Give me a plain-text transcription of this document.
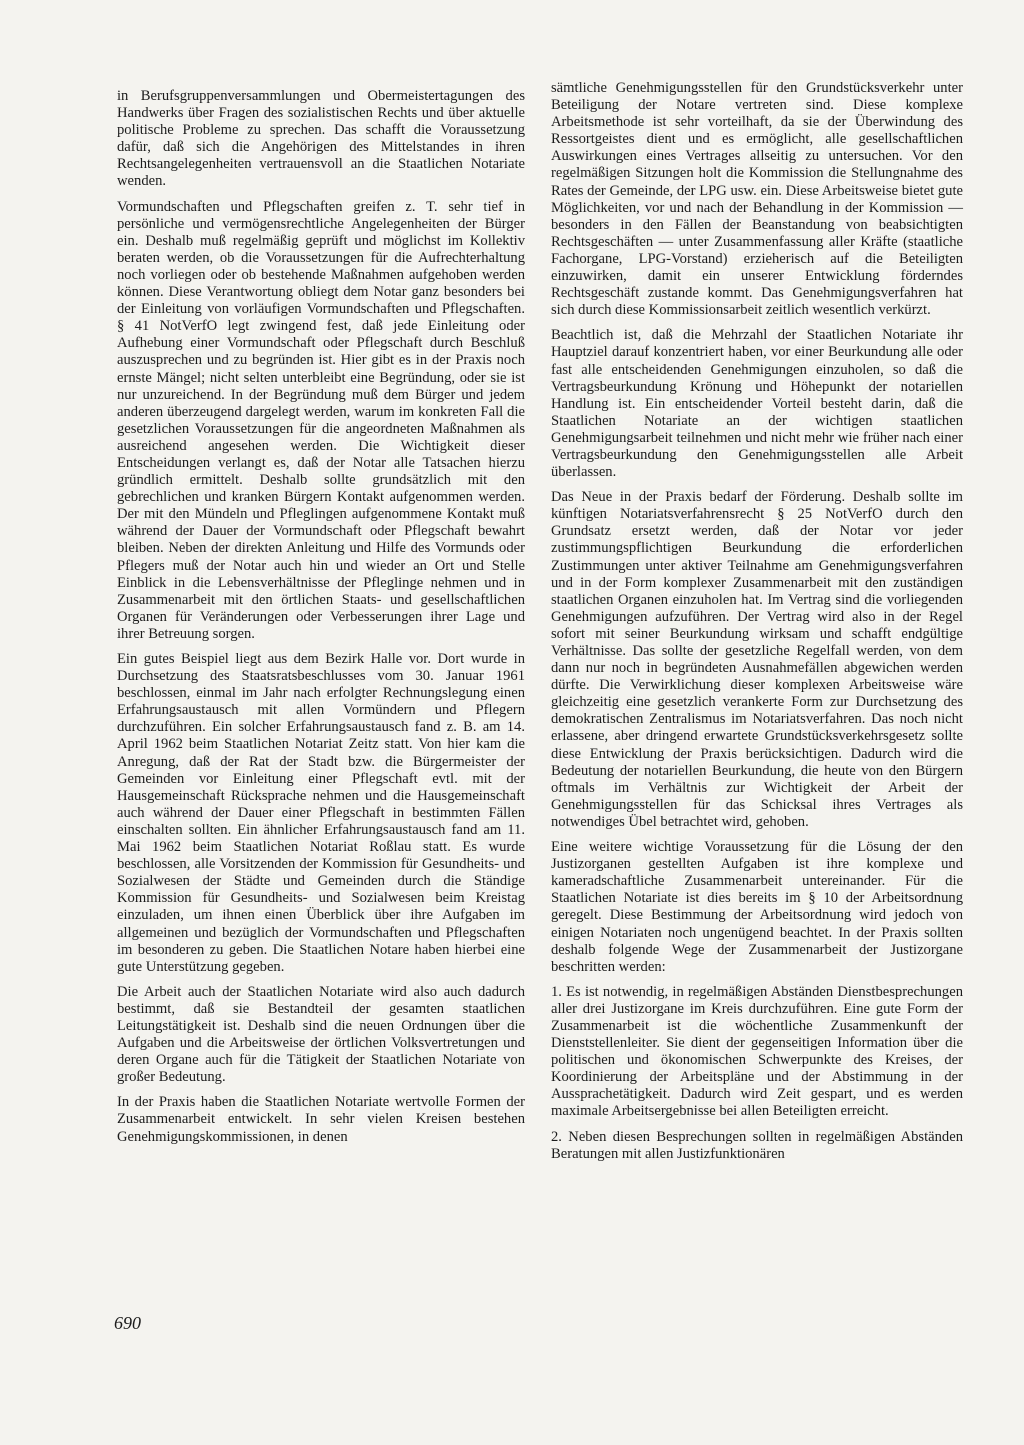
in Berufsgruppenversammlungen und Obermeistertagungen des Handwerks über Fragen des sozialistischen Rechts und über aktuelle politische Probleme zu sprechen. Das schafft die Voraussetzung dafür, daß sich die Angehörigen des Mittelstandes in ihren Rechtsangelegenheiten vertrauensvoll an die Staatlichen Notariate wenden.

Vormundschaften und Pflegschaften greifen z. T. sehr tief in persönliche und vermögensrechtliche Angelegenheiten der Bürger ein. Deshalb muß regelmäßig geprüft und möglichst im Kollektiv beraten werden, ob die Voraussetzungen für die Aufrechterhaltung noch vorliegen oder ob bestehende Maßnahmen aufgehoben werden können. Diese Verantwortung obliegt dem Notar ganz besonders bei der Einleitung von vorläufigen Vormundschaften und Pflegschaften. § 41 NotVerfO legt zwingend fest, daß jede Einleitung oder Aufhebung einer Vormundschaft oder Pflegschaft durch Beschluß auszusprechen und zu begründen ist. Hier gibt es in der Praxis noch ernste Mängel; nicht selten unterbleibt eine Begründung, oder sie ist nur unzureichend. In der Begründung muß dem Bürger und jedem anderen überzeugend dargelegt werden, warum im konkreten Fall die gesetzlichen Voraussetzungen für die angeordneten Maßnahmen als ausreichend angesehen werden. Die Wichtigkeit dieser Entscheidungen verlangt es, daß der Notar alle Tatsachen hierzu gründlich ermittelt. Deshalb sollte grundsätzlich mit den gebrechlichen und kranken Bürgern Kontakt aufgenommen werden. Der mit den Mündeln und Pfleglingen aufgenommene Kontakt muß während der Dauer der Vormundschaft oder Pflegschaft bewahrt bleiben. Neben der direkten Anleitung und Hilfe des Vormunds oder Pflegers muß der Notar auch hin und wieder an Ort und Stelle Einblick in die Lebensverhältnisse der Pfleglinge nehmen und in Zusammenarbeit mit den örtlichen Staats- und gesellschaftlichen Organen für Veränderungen oder Verbesserungen ihrer Lage und ihrer Betreuung sorgen.

Ein gutes Beispiel liegt aus dem Bezirk Halle vor. Dort wurde in Durchsetzung des Staatsratsbeschlusses vom 30. Januar 1961 beschlossen, einmal im Jahr nach erfolgter Rechnungslegung einen Erfahrungsaustausch mit allen Vormündern und Pflegern durchzuführen. Ein solcher Erfahrungsaustausch fand z. B. am 14. April 1962 beim Staatlichen Notariat Zeitz statt. Von hier kam die Anregung, daß der Rat der Stadt bzw. die Bürgermeister der Gemeinden vor Einleitung einer Pflegschaft evtl. mit der Hausgemeinschaft Rücksprache nehmen und die Hausgemeinschaft auch während der Dauer einer Pflegschaft in bestimmten Fällen einschalten sollten. Ein ähnlicher Erfahrungsaustausch fand am 11. Mai 1962 beim Staatlichen Notariat Roßlau statt. Es wurde beschlossen, alle Vorsitzenden der Kommission für Gesundheits- und Sozialwesen der Städte und Gemeinden durch die Ständige Kommission für Gesundheits- und Sozialwesen beim Kreistag einzuladen, um ihnen einen Überblick über ihre Aufgaben im allgemeinen und bezüglich der Vormundschaften und Pflegschaften im besonderen zu geben. Die Staatlichen Notare haben hierbei eine gute Unterstützung gegeben.

Die Arbeit auch der Staatlichen Notariate wird also auch dadurch bestimmt, daß sie Bestandteil der gesamten staatlichen Leitungstätigkeit ist. Deshalb sind die neuen Ordnungen über die Aufgaben und die Arbeitsweise der örtlichen Volksvertretungen und deren Organe auch für die Tätigkeit der Staatlichen Notariate von großer Bedeutung.

In der Praxis haben die Staatlichen Notariate wertvolle Formen der Zusammenarbeit entwickelt. In sehr vielen Kreisen bestehen Genehmigungskommissionen, in denen

sämtliche Genehmigungsstellen für den Grundstücksverkehr unter Beteiligung der Notare vertreten sind. Diese komplexe Arbeitsmethode ist sehr vorteilhaft, da sie der Überwindung des Ressortgeistes dient und es ermöglicht, alle gesellschaftlichen Auswirkungen eines Vertrages allseitig zu untersuchen. Vor den regelmäßigen Sitzungen holt die Kommission die Stellungnahme des Rates der Gemeinde, der LPG usw. ein. Diese Arbeitsweise bietet gute Möglichkeiten, vor und nach der Behandlung in der Kommission — besonders in den Fällen der Beanstandung von beabsichtigten Rechtsgeschäften — unter Zusammenfassung aller Kräfte (staatliche Fachorgane, LPG-Vorstand) erzieherisch auf die Beteiligten einzuwirken, damit ein unserer Entwicklung förderndes Rechtsgeschäft zustande kommt. Das Genehmigungsverfahren hat sich durch diese Kommissionsarbeit zeitlich wesentlich verkürzt.

Beachtlich ist, daß die Mehrzahl der Staatlichen Notariate ihr Hauptziel darauf konzentriert haben, vor einer Beurkundung alle oder fast alle entscheidenden Genehmigungen einzuholen, so daß die Vertragsbeurkundung Krönung und Höhepunkt der notariellen Handlung ist. Ein entscheidender Vorteil besteht darin, daß die Staatlichen Notariate an der wichtigen staatlichen Genehmigungsarbeit teilnehmen und nicht mehr wie früher nach einer Vertragsbeurkundung den Genehmigungsstellen alle Arbeit überlassen.

Das Neue in der Praxis bedarf der Förderung. Deshalb sollte im künftigen Notariatsverfahrensrecht § 25 NotVerfO durch den Grundsatz ersetzt werden, daß der Notar vor jeder zustimmungspflichtigen Beurkundung die erforderlichen Zustimmungen unter aktiver Teilnahme am Genehmigungsverfahren und in der Form komplexer Zusammenarbeit mit den zuständigen staatlichen Organen einzuholen hat. Im Vertrag sind die vorliegenden Genehmigungen aufzuführen. Der Vertrag wird also in der Regel sofort mit seiner Beurkundung wirksam und schafft endgültige Verhältnisse. Das sollte der gesetzliche Regelfall werden, von dem dann nur noch in begründeten Ausnahmefällen abgewichen werden dürfte. Die Verwirklichung dieser komplexen Arbeitsweise wäre gleichzeitig eine gesetzlich verankerte Form zur Durchsetzung des demokratischen Zentralismus im Notariatsverfahren. Das noch nicht erlassene, aber dringend erwartete Grundstücksverkehrsgesetz sollte diese Entwicklung der Praxis berücksichtigen. Dadurch wird die Bedeutung der notariellen Beurkundung, die heute von den Bürgern oftmals im Verhältnis zur Wichtigkeit der Arbeit der Genehmigungsstellen für das Schicksal ihres Vertrages als notwendiges Übel betrachtet wird, gehoben.

Eine weitere wichtige Voraussetzung für die Lösung der den Justizorganen gestellten Aufgaben ist ihre komplexe und kameradschaftliche Zusammenarbeit untereinander. Für die Staatlichen Notariate ist dies bereits im § 10 der Arbeitsordnung geregelt. Diese Bestimmung der Arbeitsordnung wird jedoch von einigen Notariaten noch ungenügend beachtet. In der Praxis sollten deshalb folgende Wege der Zusammenarbeit der Justizorgane beschritten werden:

1. Es ist notwendig, in regelmäßigen Abständen Dienstbesprechungen aller drei Justizorgane im Kreis durchzuführen. Eine gute Form der Zusammenarbeit ist die wöchentliche Zusammenkunft der Dienststellenleiter. Sie dient der gegenseitigen Information über die politischen und ökonomischen Schwerpunkte des Kreises, der Koordinierung der Arbeitspläne und der Abstimmung in der Aussprachetätigkeit. Dadurch wird Zeit gespart, und es werden maximale Arbeitsergebnisse bei allen Beteiligten erreicht.

2. Neben diesen Besprechungen sollten in regelmäßigen Abständen Beratungen mit allen Justizfunktionären

690
